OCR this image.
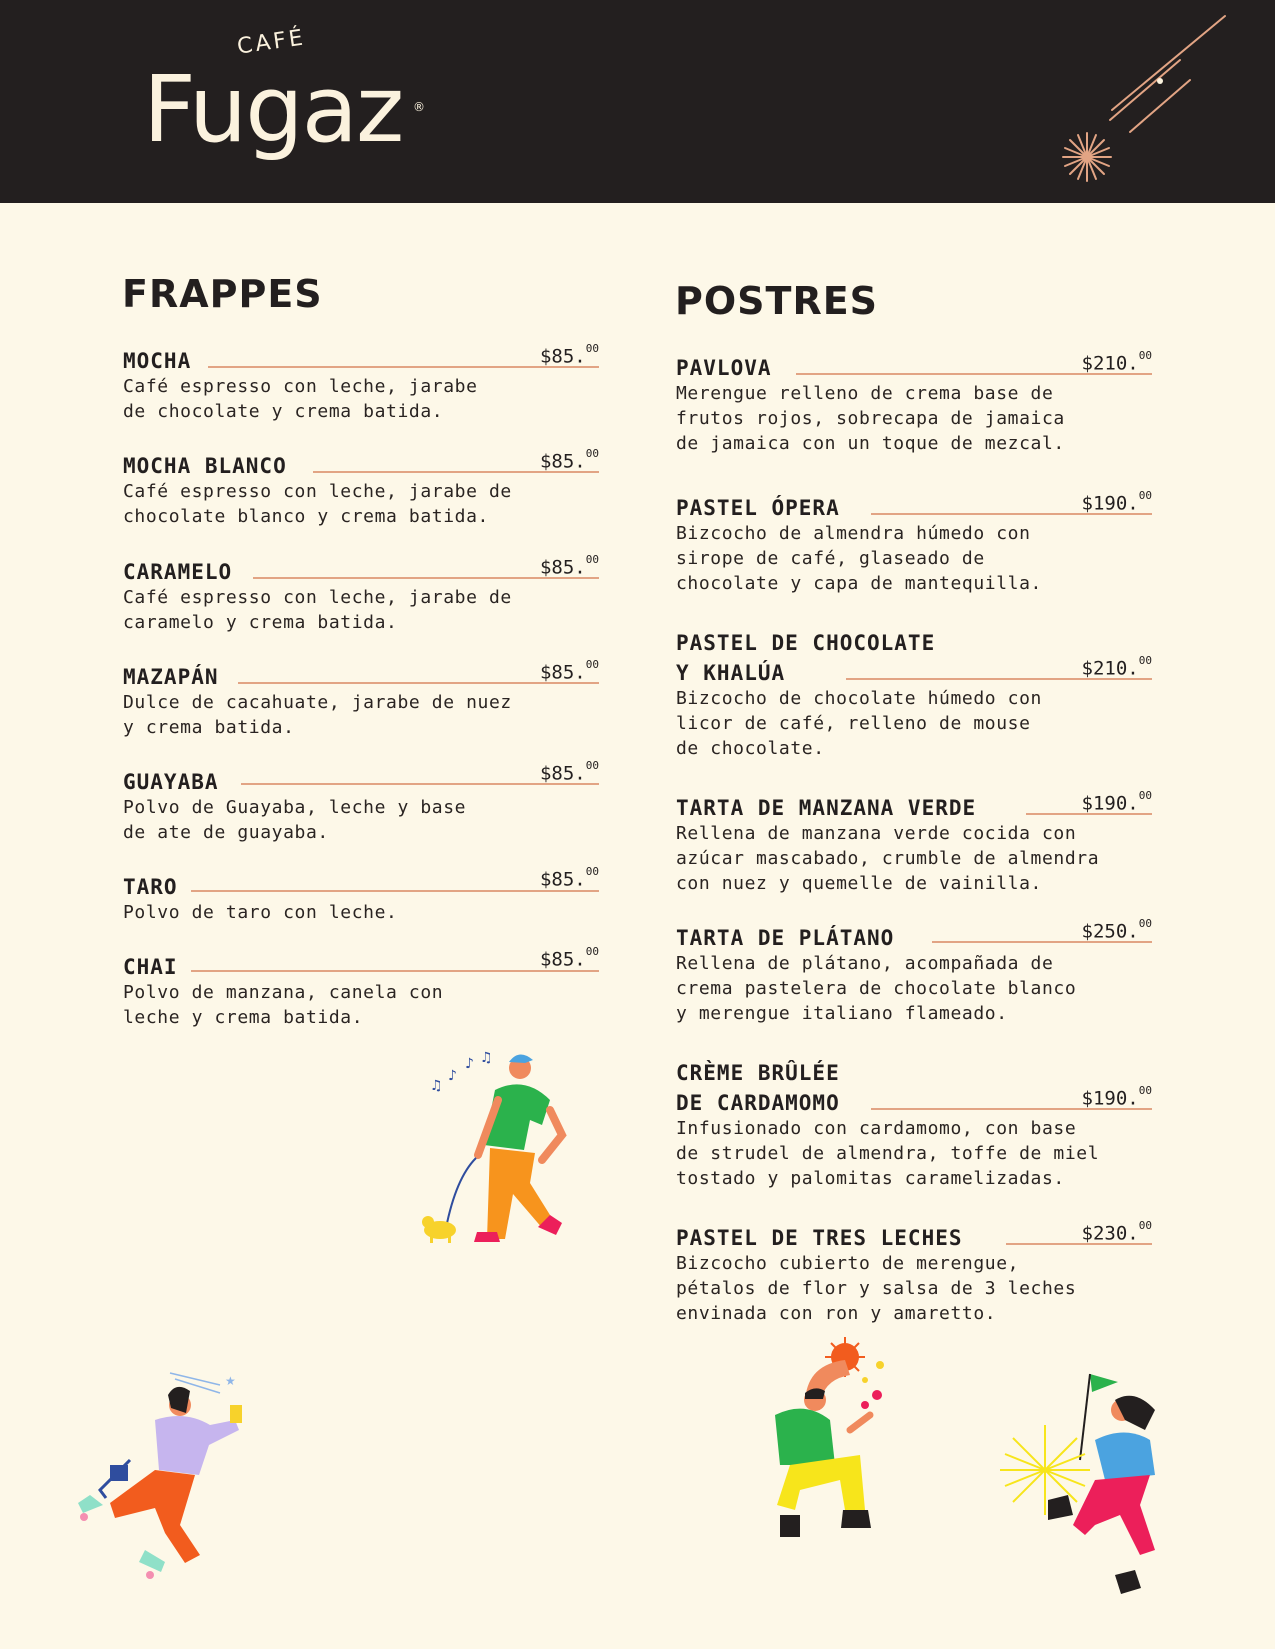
CAFÉ
Fugaz ®
FRAPPES	POSTRES
MOCHA	$85.00
Café espresso con leche, jarabe
de chocolate y crema batida.
MOCHA BLANCO	$85.00
Café espresso con leche, jarabe de
chocolate blanco y crema batida.
CARAMELO	$85.00
Café espresso con leche, jarabe de
caramelo y crema batida.
MAZAPÁN	$85.00
Dulce de cacahuate, jarabe de nuez
y crema batida.
GUAYABA	$85.00
Polvo de Guayaba, leche y base
de ate de guayaba.
TARO	$85.00
Polvo de taro con leche.
CHAI	$85.00
Polvo de manzana, canela con
leche y crema batida.
PAVLOVA	$210.00
Merengue relleno de crema base de
frutos rojos, sobrecapa de jamaica
de jamaica con un toque de mezcal.
PASTEL ÓPERA	$190.00
Bizcocho de almendra húmedo con
sirope de café, glaseado de
chocolate y capa de mantequilla.
PASTEL DE CHOCOLATE
Y KHALÚA	$210.00
Bizcocho de chocolate húmedo con
licor de café, relleno de mouse
de chocolate.
TARTA DE MANZANA VERDE	$190.00
Rellena de manzana verde cocida con
azúcar mascabado, crumble de almendra
con nuez y quemelle de vainilla.
TARTA DE PLÁTANO	$250.00
Rellena de plátano, acompañada de
crema pastelera de chocolate blanco
y merengue italiano flameado.
CRÈME BRÛLÉE
DE CARDAMOMO	$190.00
Infusionado con cardamomo, con base
de strudel de almendra, toffe de miel
tostado y palomitas caramelizadas.
PASTEL DE TRES LECHES	$230.00
Bizcocho cubierto de merengue,
pétalos de flor y salsa de 3 leches
envinada con ron y amaretto.
♪
♪
♫
♫
★
